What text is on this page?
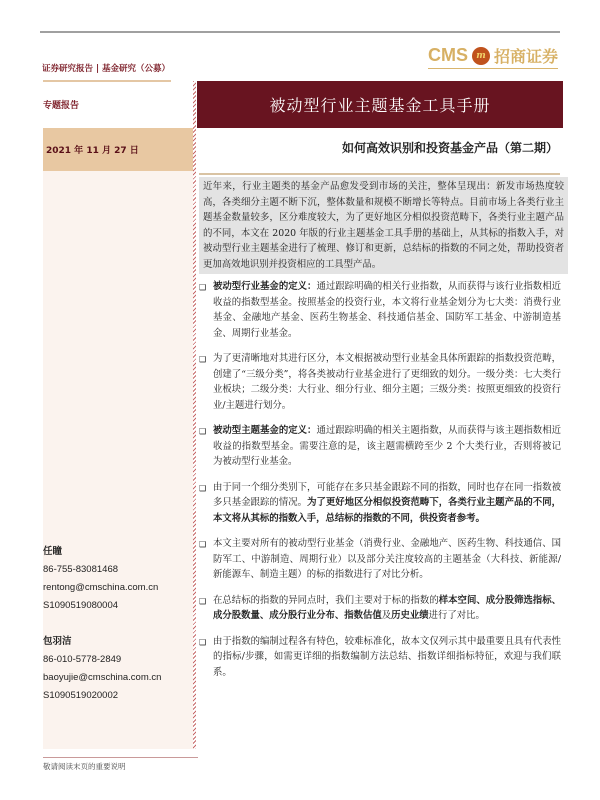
证券研究报告 | 基金研究（公募）
CMS m 招商证券
专题报告	被动型行业主题基金工具手册
2021 年 11 月 27 日	如何高效识别和投资基金产品（第二期）
近年来，行业主题类的基金产品愈发受到市场的关注，整体呈现出：新发市场热度较高，各类细分主题不断下沉，整体数量和规模不断增长等特点。目前市场上各类行业主题基金数量较多，区分难度较大，为了更好地区分相似投资范畴下，各类行业主题产品的不同，本文在 2020 年版的行业主题基金工具手册的基础上，从其标的指数入手，对被动型行业主题基金进行了梳理、修订和更新，总结标的指数的不同之处，帮助投资者更加高效地识别并投资相应的工具型产品。
❑ 被动型行业基金的定义：通过跟踪明确的相关行业指数，从而获得与该行业指数相近收益的指数型基金。按照基金的投资行业，本文将行业基金划分为七大类：消费行业基金、金融地产基金、医药生物基金、科技通信基金、国防军工基金、中游制造基金、周期行业基金。
❑ 为了更清晰地对其进行区分，本文根据被动型行业基金具体所跟踪的指数投资范畴，创建了“三级分类”，将各类被动行业基金进行了更细致的划分。一级分类：七大类行业板块；二级分类：大行业、细分行业、细分主题；三级分类：按照更细致的投资行业/主题进行划分。
❑ 被动型主题基金的定义：通过跟踪明确的相关主题指数，从而获得与该主题指数相近收益的指数型基金。需要注意的是，该主题需横跨至少 2 个大类行业，否则将被记为被动型行业基金。
❑ 由于同一个细分类别下，可能存在多只基金跟踪不同的指数，同时也存在同一指数被多只基金跟踪的情况。为了更好地区分相似投资范畴下，各类行业主题产品的不同，本文将从其标的指数入手，总结标的指数的不同，供投资者参考。
❑ 本文主要对所有的被动型行业基金（消费行业、金融地产、医药生物、科技通信、国防军工、中游制造、周期行业）以及部分关注度较高的主题基金（大科技、新能源/新能源车、制造主题）的标的指数进行了对比分析。
❑ 在总结标的指数的异同点时，我们主要对于标的指数的样本空间、成分股筛选指标、成分股数量、成分股行业分布、指数估值及历史业绩进行了对比。
❑ 由于指数的编制过程各有特色，较难标准化，故本文仅列示其中最重要且具有代表性的指标/步骤，如需更详细的指数编制方法总结、指数详细指标特征，欢迎与我们联系。
任瞳
86-755-83081468
rentong@cmschina.com.cn
S1090519080004
包羽洁
86-010-5778-2849
baoyujie@cmschina.com.cn
S1090519020002
敬请阅读末页的重要说明
